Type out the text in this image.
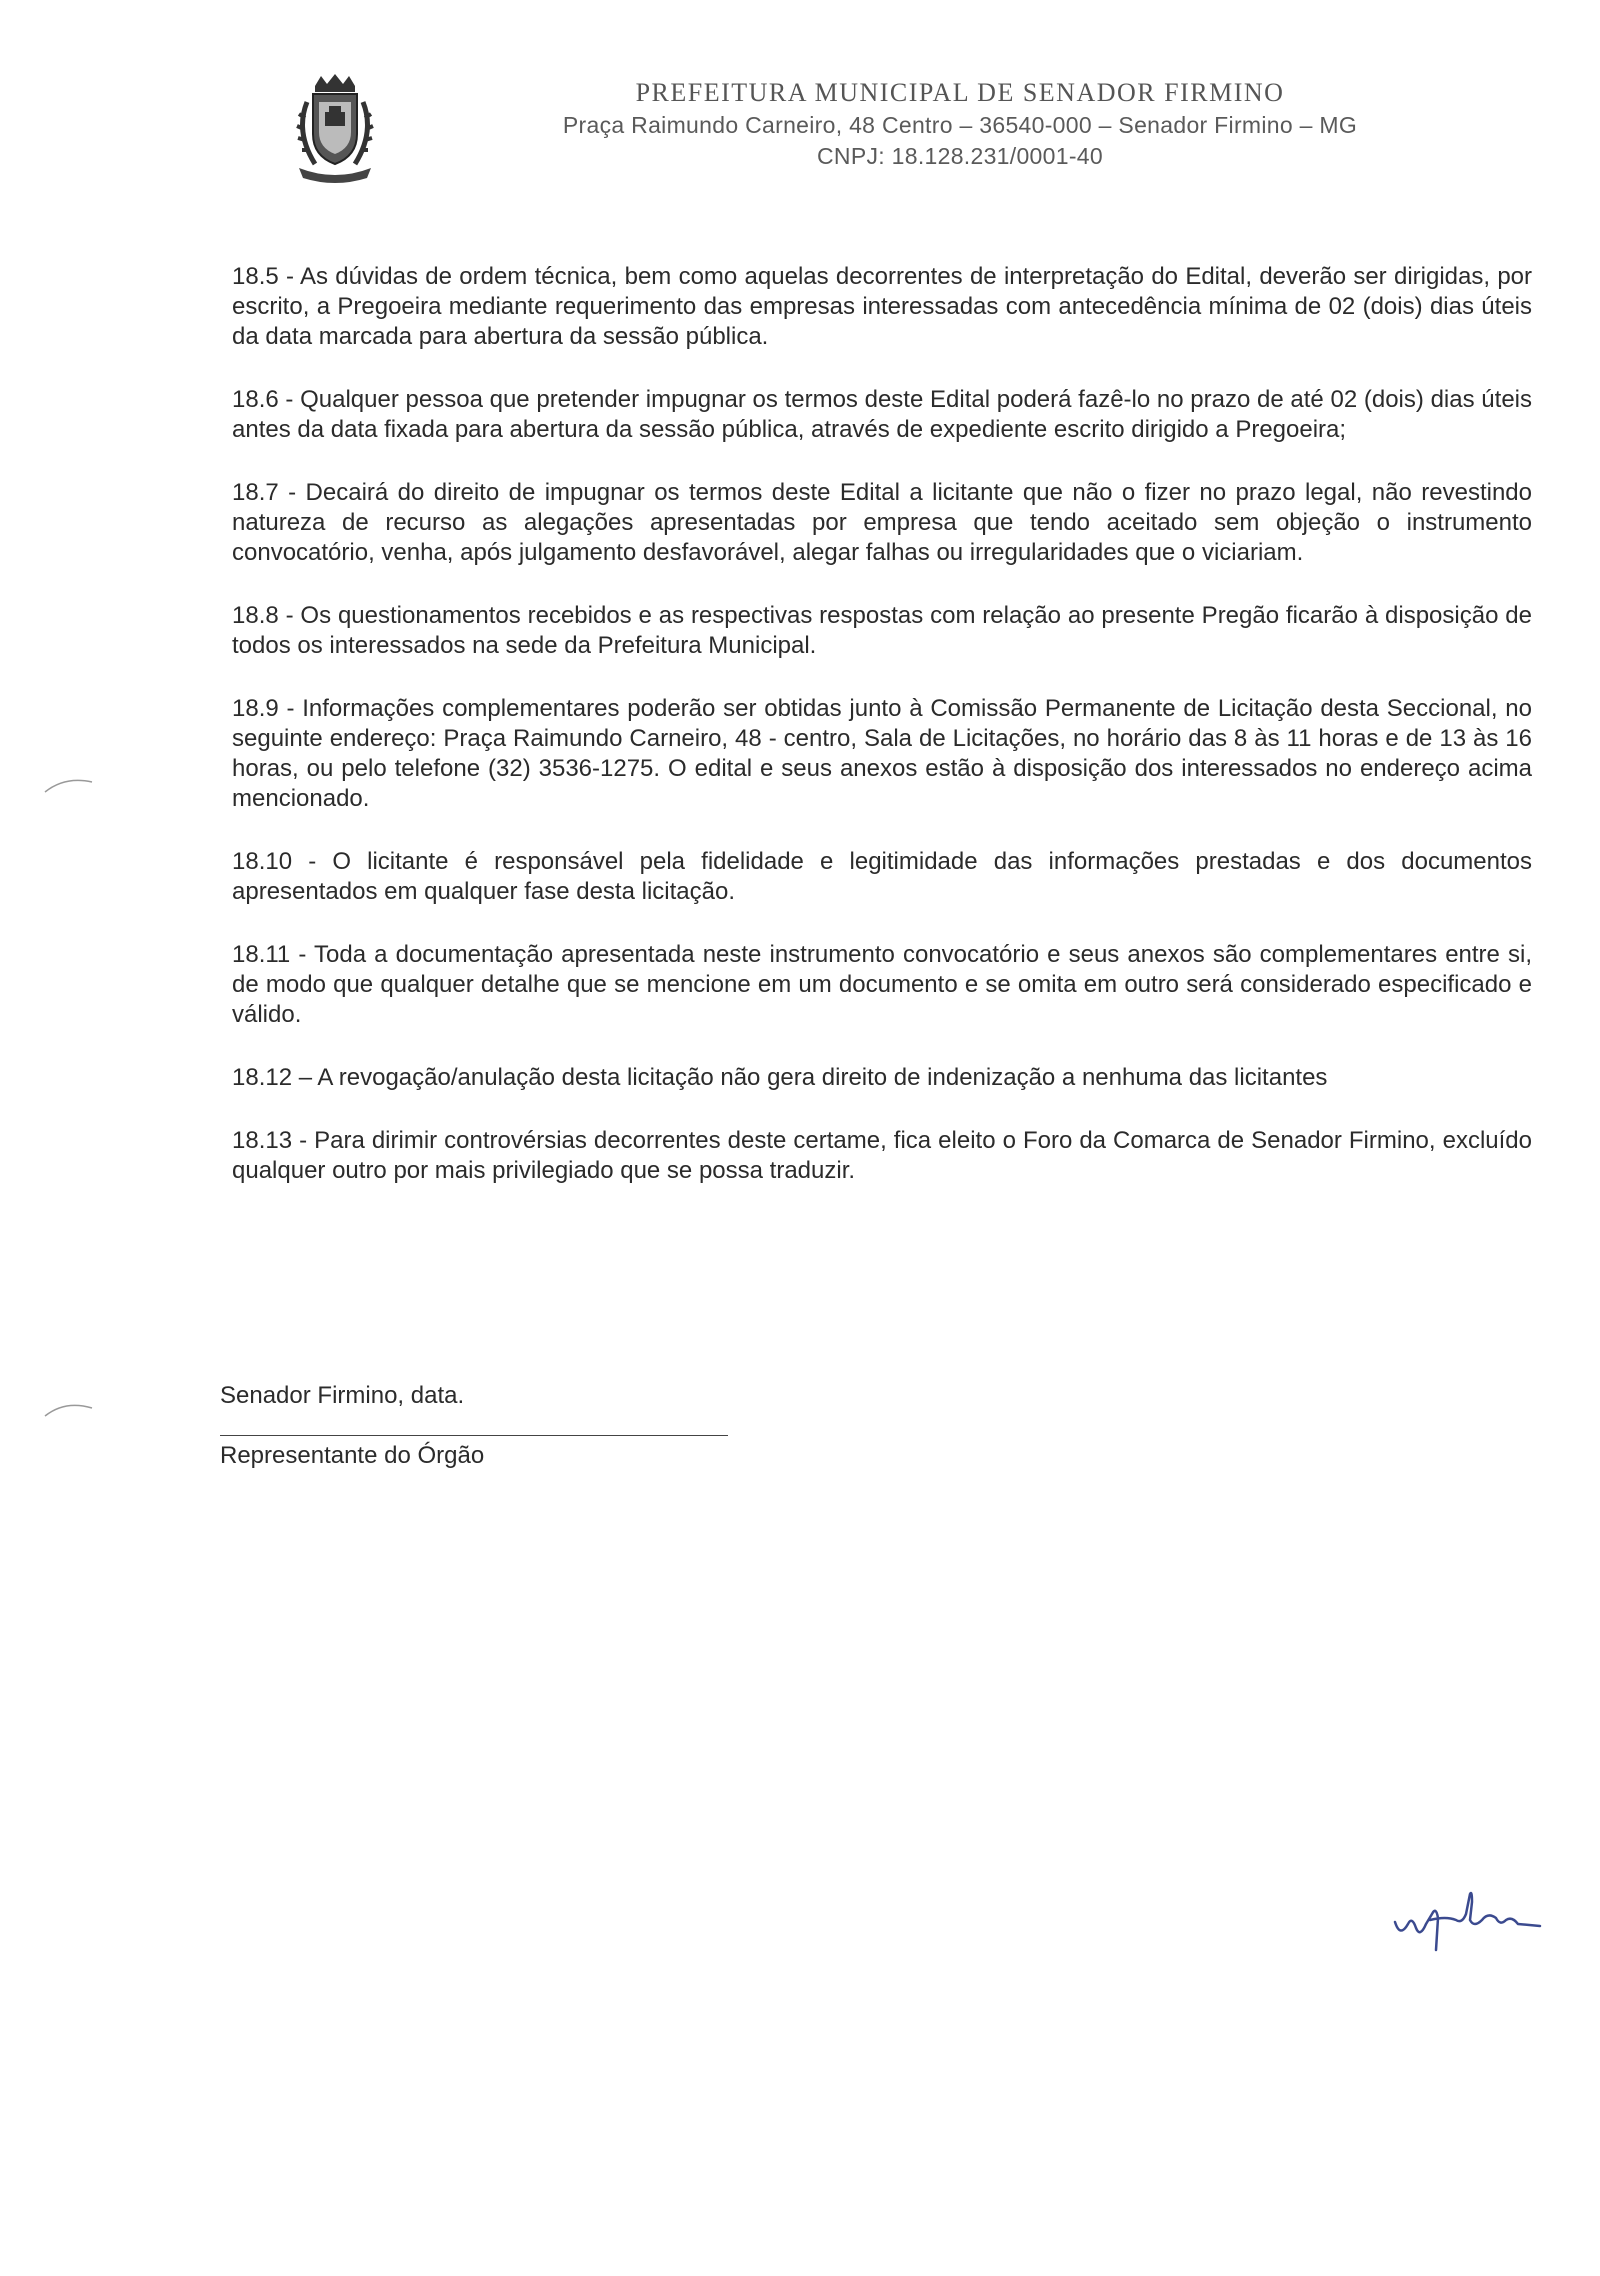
PREFEITURA MUNICIPAL DE SENADOR FIRMINO

Praça Raimundo Carneiro, 48 Centro – 36540-000 – Senador Firmino – MG

CNPJ: 18.128.231/0001-40

18.5 - As dúvidas de ordem técnica, bem como aquelas decorrentes de interpretação do Edital, deverão ser dirigidas, por escrito, a Pregoeira mediante requerimento das empresas interessadas com antecedência mínima de 02 (dois) dias úteis da data marcada para abertura da sessão pública.

18.6 - Qualquer pessoa que pretender impugnar os termos deste Edital poderá fazê-lo no prazo de até 02 (dois) dias úteis antes da data fixada para abertura da sessão pública, através de expediente escrito dirigido a Pregoeira;

18.7 - Decairá do direito de impugnar os termos deste Edital a licitante que não o fizer no prazo legal, não revestindo natureza de recurso as alegações apresentadas por empresa que tendo aceitado sem objeção o instrumento convocatório, venha, após julgamento desfavorável, alegar falhas ou irregularidades que o viciariam.

18.8 - Os questionamentos recebidos e as respectivas respostas com relação ao presente Pregão ficarão à disposição de todos os interessados na sede da Prefeitura Municipal.

18.9 - Informações complementares poderão ser obtidas junto à Comissão Permanente de Licitação desta Seccional, no seguinte endereço: Praça Raimundo Carneiro, 48 - centro, Sala de Licitações, no horário das 8 às 11 horas e de 13 às 16 horas, ou pelo telefone (32) 3536-1275. O edital e seus anexos estão à disposição dos interessados no endereço acima mencionado.

18.10 - O licitante é responsável pela fidelidade e legitimidade das informações prestadas e dos documentos apresentados em qualquer fase desta licitação.

18.11 - Toda a documentação apresentada neste instrumento convocatório e seus anexos são complementares entre si, de modo que qualquer detalhe que se mencione em um documento e se omita em outro será considerado especificado e válido.

18.12 – A revogação/anulação desta licitação não gera direito de indenização a nenhuma das licitantes

18.13 - Para dirimir controvérsias decorrentes deste certame, fica eleito o Foro da Comarca de Senador Firmino, excluído qualquer outro por mais privilegiado que se possa traduzir.

Senador Firmino, data.

Representante do Órgão
